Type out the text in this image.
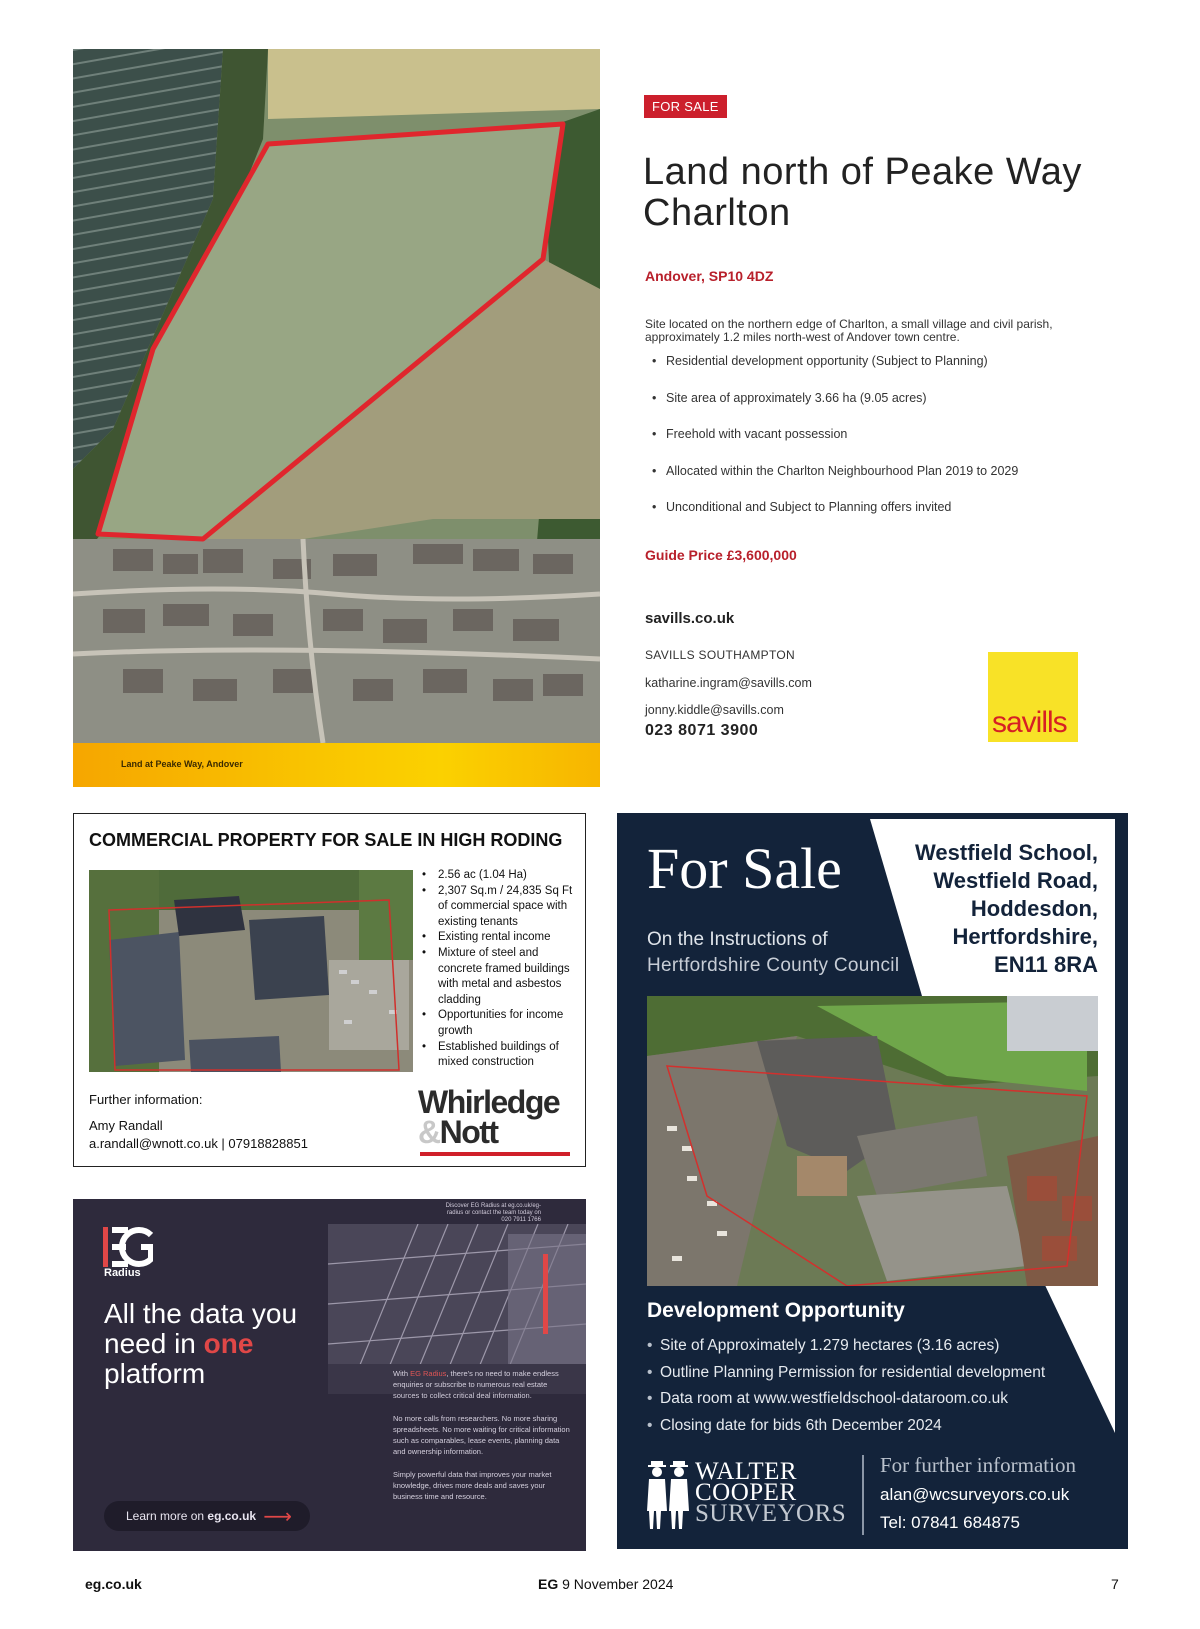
Land at Peake Way, Andover
FOR SALE
Land north of Peake Way Charlton
Andover, SP10 4DZ

Site located on the northern edge of Charlton, a small village and civil parish, approximately 1.2 miles north-west of Andover town centre.

• Residential development opportunity (Subject to Planning)
• Site area of approximately 3.66 ha (9.05 acres)
• Freehold with vacant possession
• Allocated within the Charlton Neighbourhood Plan 2019 to 2029
• Unconditional and Subject to Planning offers invited
Guide Price £3,600,000
savills.co.uk
SAVILLS SOUTHAMPTON
katharine.ingram@savills.com
jonny.kiddle@savills.com
023 8071 3900	savills
COMMERCIAL PROPERTY FOR SALE IN HIGH RODING
• 2.56 ac (1.04 Ha)
• 2,307 Sq.m / 24,835 Sq Ft of commercial space with existing tenants
• Existing rental income
• Mixture of steel and concrete framed buildings with metal and asbestos cladding
• Opportunities for income growth
• Established buildings of mixed construction
Further information:
Amy Randall
a.randall@wnott.co.uk | 07918828851
Whirledge
&Nott
For Sale
On the Instructions of
Hertfordshire County Council
Westfield School,
Westfield Road,
Hoddesdon,
Hertfordshire,
EN11 8RA
Development Opportunity
• Site of Approximately 1.279 hectares (3.16 acres)
• Outline Planning Permission for residential development
• Data room at www.westfieldschool-dataroom.co.uk
• Closing date for bids 6th December 2024
WALTER
COOPER
SURVEYORS
For further information
alan@wcsurveyors.co.uk
Tel: 07841 684875
Radius
All the data you need in one platform
Discover EG Radius at eg.co.uk/eg-radius or contact the team today on 020 7911 1766

With EG Radius, there's no need to make endless enquiries or subscribe to numerous real estate sources to collect critical deal information.

No more calls from researchers. No more sharing spreadsheets. No more waiting for critical information such as comparables, lease events, planning data and ownership information.

Simply powerful data that improves your market knowledge, drives more deals and saves your business time and resource.

Learn more on eg.co.uk ⟶
eg.co.uk	EG 9 November 2024	7
